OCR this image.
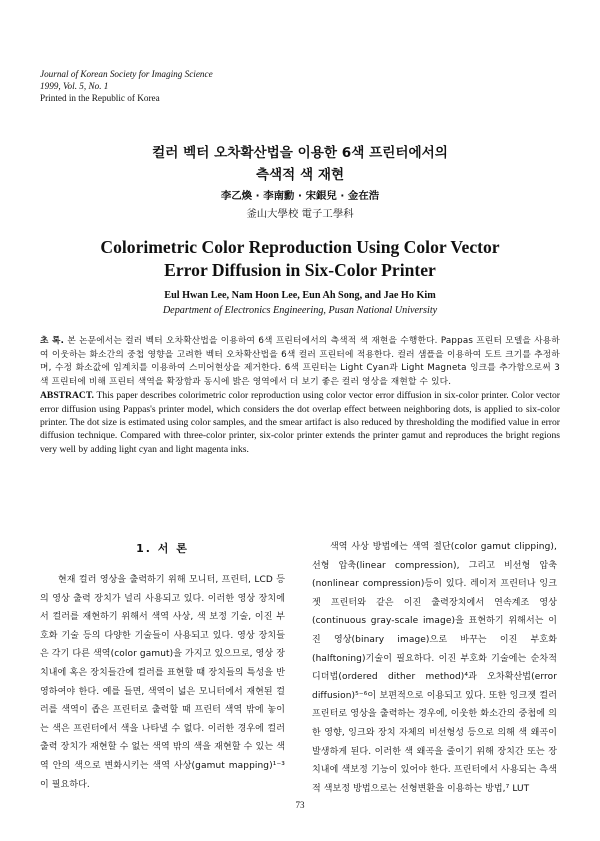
Journal of Korean Society for Imaging Science
1999, Vol. 5, No. 1
Printed in the Republic of Korea
컬러 벡터 오차확산법을 이용한 6색 프린터에서의
측색적 색 재현
李乙煥 · 李南勳 · 宋銀兒 · 金在浩
釜山大學校 電子工學科
Colorimetric Color Reproduction Using Color Vector
Error Diffusion in Six-Color Printer
Eul Hwan Lee, Nam Hoon Lee, Eun Ah Song, and Jae Ho Kim
Department of Electronics Engineering, Pusan National University

초 록. 본 논문에서는 컬러 벡터 오차확산법을 이용하여 6색 프린터에서의 측색적 색 재현을 수행한다. Pappas 프린터 모델을 사용하여 이웃하는 화소간의 중첩 영향을 고려한 벡터 오차확산법을 6색 컬러 프린터에 적용한다. 컬러 샘플을 이용하여 도트 크기를 추정하며, 수정 화소값에 임계치를 이용하여 스미어현상을 제거한다. 6색 프린터는 Light Cyan과 Light Magneta 잉크를 추가함으로써 3색 프린터에 비해 프린터 색역을 확장함과 동시에 밝은 영역에서 더 보기 좋은 컬러 영상을 재현할 수 있다.

ABSTRACT. This paper describes colorimetric color reproduction using color vector error diffusion in six-color printer. Color vector error diffusion using Pappas's printer model, which considers the dot overlap effect between neighboring dots, is applied to six-color printer. The dot size is estimated using color samples, and the smear artifact is also reduced by thresholding the modified value in error diffusion technique. Compared with three-color printer, six-color printer extends the printer gamut and reproduces the bright regions very well by adding light cyan and light magenta inks.

1. 서 론

현재 컬러 영상을 출력하기 위해 모니터, 프린터, LCD 등의 영상 출력 장치가 널리 사용되고 있다. 이러한 영상 장치에서 컬러를 재현하기 위해서 색역 사상, 색 보정 기술, 이진 부호화 기술 등의 다양한 기술들이 사용되고 있다. 영상 장치들은 각기 다른 색역(color gamut)을 가지고 있으므로, 영상 장치내에 혹은 장치들간에 컬러를 표현할 때 장치들의 특성을 반영하여야 한다. 예를 들면, 색역이 넓은 모니터에서 재현된 컬러를 색역이 좁은 프린터로 출력할 때 프린터 색역 밖에 놓이는 색은 프린터에서 색을 나타낼 수 없다. 이러한 경우에 컬러 출력 장치가 재현할 수 없는 색역 밖의 색을 재현할 수 있는 색역 안의 색으로 변화시키는 색역 사상(gamut mapping)¹⁻³이 필요하다.

색역 사상 방법에는 색역 절단(color gamut clipping), 선형 압축(linear compression), 그리고 비선형 압축(nonlinear compression)등이 있다. 레이저 프린터나 잉크젯 프린터와 같은 이진 출력장치에서 연속계조 영상(continuous gray-scale image)을 표현하기 위해서는 이진 영상(binary image)으로 바꾸는 이진 부호화(halftoning)기술이 필요하다. 이진 부호화 기술에는 순차적 디더법(ordered dither method)⁴과 오차확산법(error diffusion)⁵⁻⁶이 보편적으로 이용되고 있다. 또한 잉크젯 컬러 프린터로 영상을 출력하는 경우에, 이웃한 화소간의 중첩에 의한 영향, 잉크와 장치 자체의 비선형성 등으로 의해 색 왜곡이 발생하게 된다. 이러한 색 왜곡을 줄이기 위해 장치간 또는 장치내에 색보정 기능이 있어야 한다. 프린터에서 사용되는 측색적 색보정 방법으로는 선형변환을 이용하는 방법,⁷ LUT

73
